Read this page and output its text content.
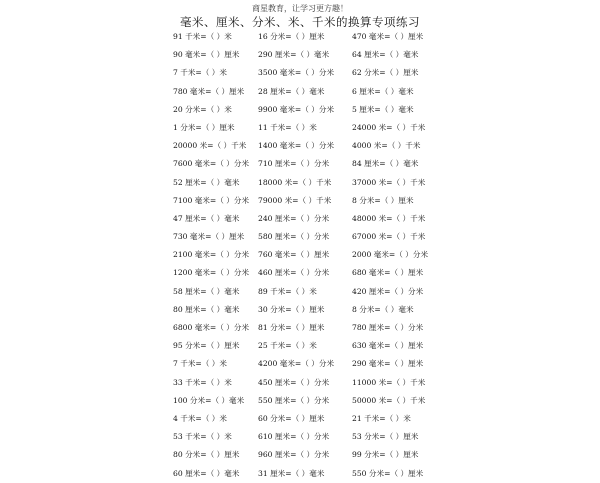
商星教育，让学习更方趣！
毫米、厘米、分米、米、千米的换算专项练习
91 千米=（ ）米
90 毫米=（ ）厘米
7 千米=（ ）米
780 毫米=（ ）厘米
20 分米=（ ）米
1 分米=（ ）厘米
20000 米=（ ）千米
7600 毫米=（ ）分米
52 厘米=（ ）毫米
7100 毫米=（ ）分米
47 厘米=（ ）毫米
730 毫米=（ ）厘米
2100 毫米=（ ）分米
1200 毫米=（ ）分米
58 厘米=（ ）毫米
80 厘米=（ ）毫米
6800 毫米=（ ）分米
95 分米=（ ）厘米
7 千米=（ ）米
33 千米=（ ）米
100 分米=（ ）毫米
4 千米=（ ）米
53 千米=（ ）米
80 分米=（ ）厘米
60 厘米=（ ）毫米
16 分米=（ ）厘米
290 厘米=（ ）毫米
3500 毫米=（ ）分米
28 厘米=（ ）毫米
9900 毫米=（ ）分米
11 千米=（ ）米
1400 毫米=（ ）分米
710 厘米=（ ）分米
18000 米=（ ）千米
79000 米=（ ）千米
240 厘米=（ ）分米
580 厘米=（ ）分米
760 毫米=（ ）厘米
460 厘米=（ ）分米
89 千米=（ ）米
30 分米=（ ）厘米
81 分米=（ ）厘米
25 千米=（ ）米
4200 毫米=（ ）分米
450 厘米=（ ）分米
550 厘米=（ ）分米
60 分米=（ ）厘米
610 厘米=（ ）分米
960 厘米=（ ）分米
31 厘米=（ ）毫米
470 毫米=（ ）厘米
64 厘米=（ ）毫米
62 分米=（ ）厘米
6 厘米=（ ）毫米
5 厘米=（ ）毫米
24000 米=（ ）千米
4000 米=（ ）千米
84 厘米=（ ）毫米
37000 米=（ ）千米
8 分米=（ ）厘米
48000 米=（ ）千米
67000 米=（ ）千米
2000 毫米=（ ）分米
680 毫米=（ ）厘米
420 厘米=（ ）分米
8 分米=（ ）毫米
780 厘米=（ ）分米
630 毫米=（ ）厘米
290 毫米=（ ）厘米
11000 米=（ ）千米
50000 米=（ ）千米
21 千米=（ ）米
53 分米=（ ）厘米
99 分米=（ ）厘米
550 分米=（ ）厘米
